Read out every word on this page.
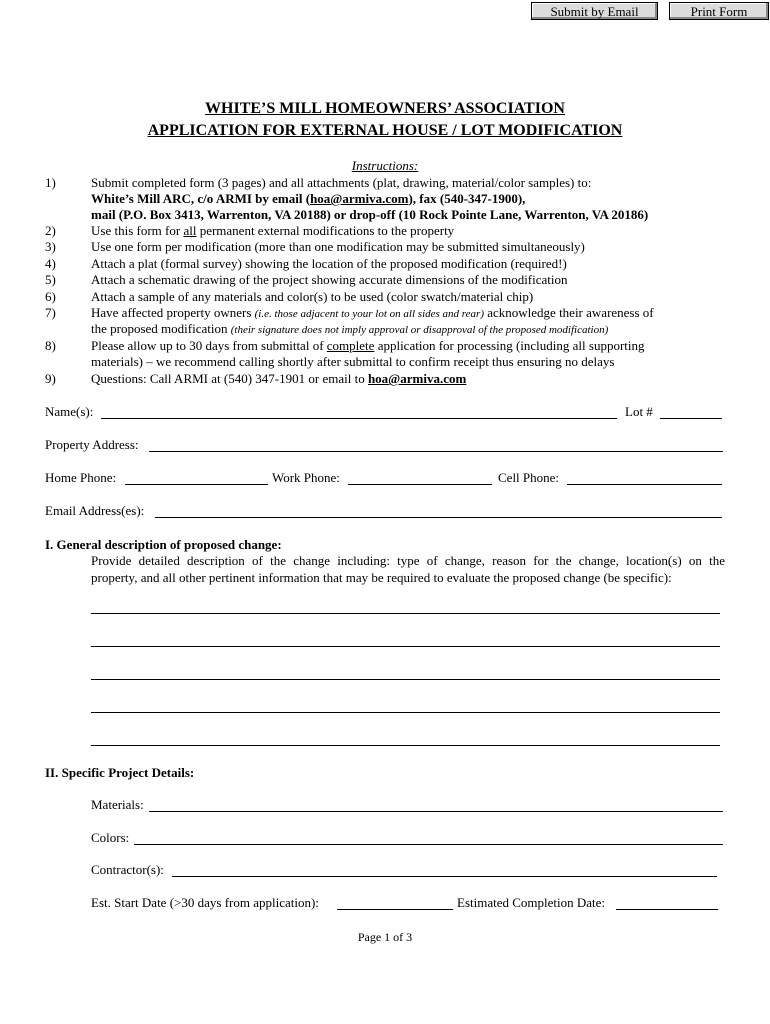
Submit by Email	Print Form
WHITE’S MILL HOMEOWNERS’ ASSOCIATION
APPLICATION FOR EXTERNAL HOUSE / LOT MODIFICATION
Instructions:
1)	Submit completed form (3 pages) and all attachments (plat, drawing, material/color samples) to:
White’s Mill ARC, c/o ARMI by email (hoa@armiva.com), fax (540-347-1900),
mail (P.O. Box 3413, Warrenton, VA 20188) or drop-off (10 Rock Pointe Lane, Warrenton, VA 20186)
2)	Use this form for all permanent external modifications to the property
3)	Use one form per modification (more than one modification may be submitted simultaneously)
4)	Attach a plat (formal survey) showing the location of the proposed modification (required!)
5)	Attach a schematic drawing of the project showing accurate dimensions of the modification
6)	Attach a sample of any materials and color(s) to be used (color swatch/material chip)
7)	Have affected property owners (i.e. those adjacent to your lot on all sides and rear) acknowledge their awareness of
the proposed modification (their signature does not imply approval or disapproval of the proposed modification)
8)	Please allow up to 30 days from submittal of complete application for processing (including all supporting
materials) – we recommend calling shortly after submittal to confirm receipt thus ensuring no delays
9)	Questions: Call ARMI at (540) 347-1901 or email to hoa@armiva.com
Name(s):	Lot #
Property Address:
Home Phone:	Work Phone:	Cell Phone:
Email Address(es):
I. General description of proposed change:
Provide detailed description of the change including: type of change, reason for the change, location(s) on the
property, and all other pertinent information that may be required to evaluate the proposed change (be specific):
II. Specific Project Details:
Materials:
Colors:
Contractor(s):
Est. Start Date (>30 days from application):	Estimated Completion Date:
Page 1 of 3
